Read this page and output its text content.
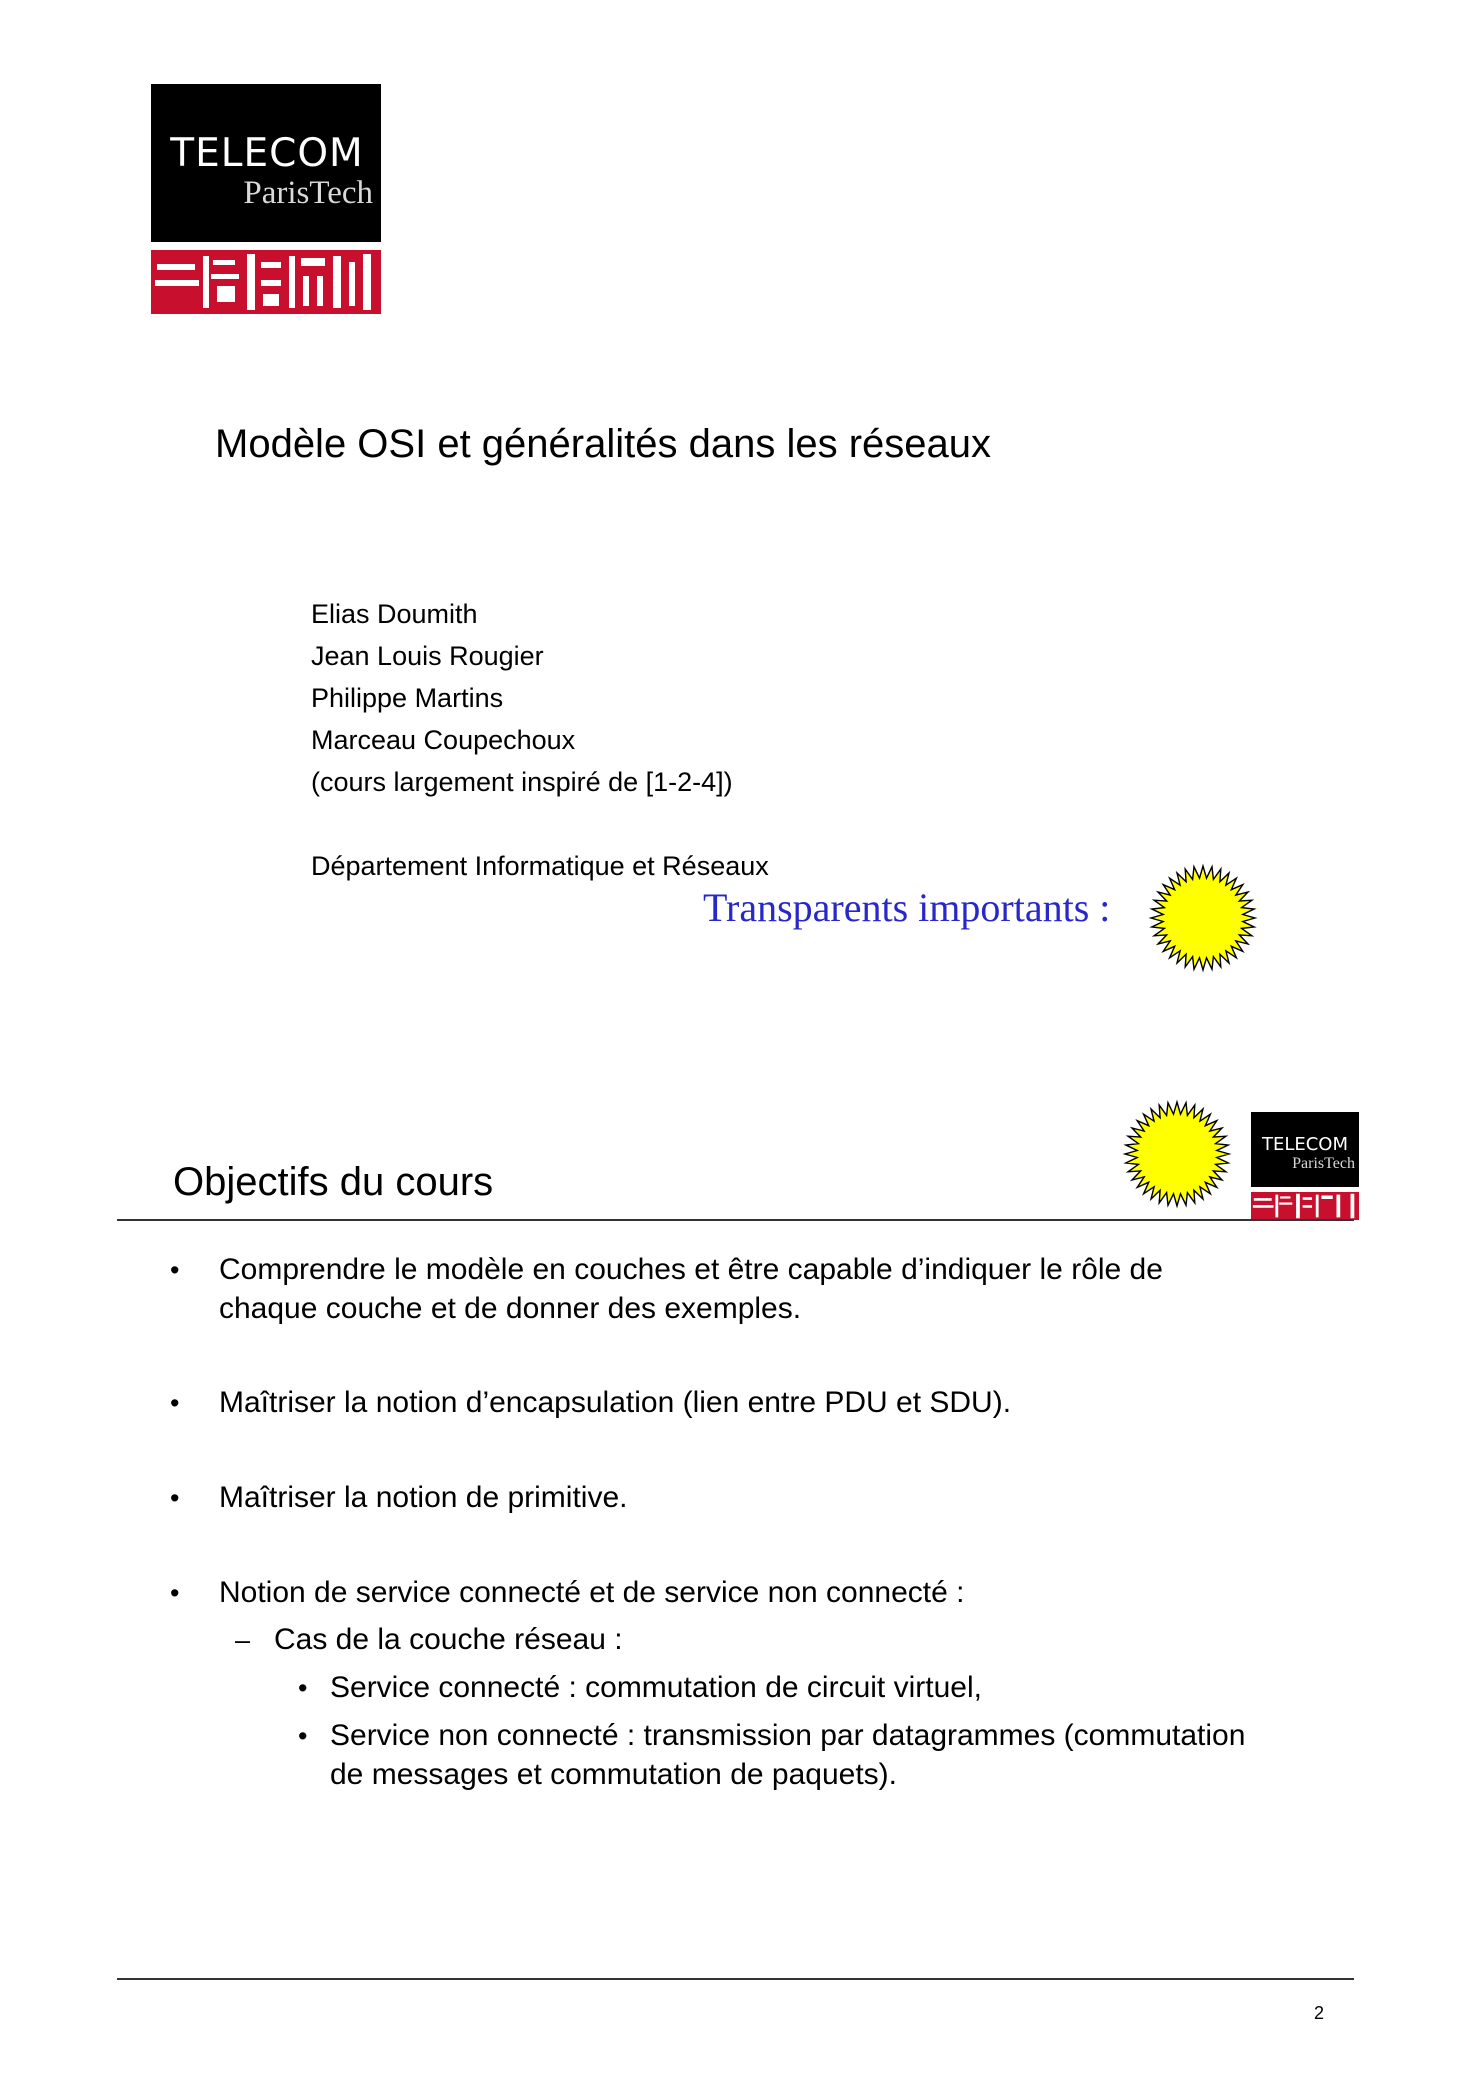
TELECOM
ParisTech
Modèle OSI et généralités dans les réseaux
Elias Doumith
Jean Louis Rougier
Philippe Martins
Marceau Coupechoux
(cours largement inspiré de [1-2-4])
Département Informatique et Réseaux
Transparents importants :
Objectifs du cours
TELECOM
ParisTech
• Comprendre le modèle en couches et être capable d’indiquer le rôle de
chaque couche et de donner des exemples.
• Maîtriser la notion d’encapsulation (lien entre PDU et SDU).
• Maîtriser la notion de primitive.
• Notion de service connecté et de service non connecté :
– Cas de la couche réseau :
• Service connecté : commutation de circuit virtuel,
• Service non connecté : transmission par datagrammes (commutation
de messages et commutation de paquets).
2
